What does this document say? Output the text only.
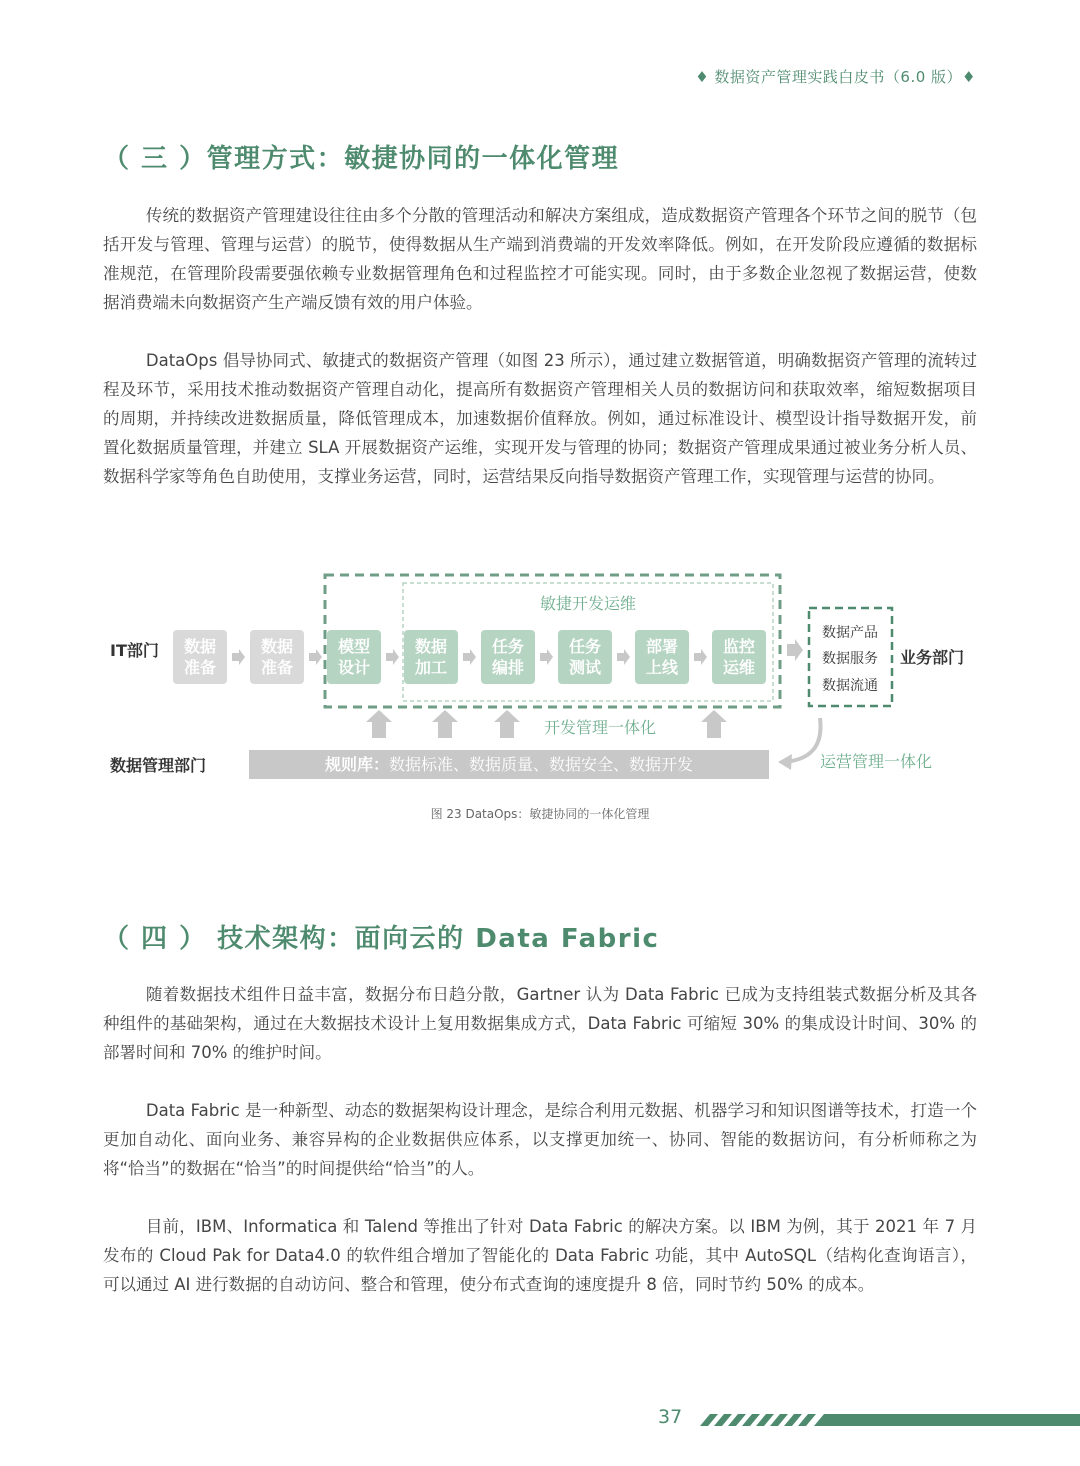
♦ 数据资产管理实践白皮书（6.0 版）♦
（ 三 ）管理方式：敏捷协同的一体化管理
传统的数据资产管理建设往往由多个分散的管理活动和解决方案组成，造成数据资产管理各个环节之间的脱节（包括开发与管理、管理与运营）的脱节，使得数据从生产端到消费端的开发效率降低。例如，在开发阶段应遵循的数据标准规范，在管理阶段需要强依赖专业数据管理角色和过程监控才可能实现。同时，由于多数企业忽视了数据运营，使数据消费端未向数据资产生产端反馈有效的用户体验。
DataOps 倡导协同式、敏捷式的数据资产管理（如图 23 所示），通过建立数据管道，明确数据资产管理的流转过程及环节，采用技术推动数据资产管理自动化，提高所有数据资产管理相关人员的数据访问和获取效率，缩短数据项目的周期，并持续改进数据质量，降低管理成本，加速数据价值释放。例如，通过标准设计、模型设计指导数据开发，前置化数据质量管理，并建立 SLA 开展数据资产运维，实现开发与管理的协同；数据资产管理成果通过被业务分析人员、数据科学家等角色自助使用，支撑业务运营，同时，运营结果反向指导数据资产管理工作，实现管理与运营的协同。
敏捷开发运维
IT部门
数据管理部门
数据
准备
数据
准备
模型
设计
数据
加工
任务
编排
任务
测试
部署
上线
监控
运维
数据产品
数据服务
数据流通
业务部门
开发管理一体化
规则库：数据标准、数据质量、数据安全、数据开发	运营管理一体化
图 23 DataOps：敏捷协同的一体化管理
（ 四 ） 技术架构：面向云的 Data Fabric
随着数据技术组件日益丰富，数据分布日趋分散，Gartner 认为 Data Fabric 已成为支持组装式数据分析及其各种组件的基础架构，通过在大数据技术设计上复用数据集成方式，Data Fabric 可缩短 30% 的集成设计时间、30% 的部署时间和 70% 的维护时间。
Data Fabric 是一种新型、动态的数据架构设计理念，是综合利用元数据、机器学习和知识图谱等技术，打造一个更加自动化、面向业务、兼容异构的企业数据供应体系，以支撑更加统一、协同、智能的数据访问，有分析师称之为将“恰当”的数据在“恰当”的时间提供给“恰当”的人。
目前，IBM、Informatica 和 Talend 等推出了针对 Data Fabric 的解决方案。以 IBM 为例，其于 2021 年 7 月发布的 Cloud Pak for Data4.0 的软件组合增加了智能化的 Data Fabric 功能，其中 AutoSQL（结构化查询语言），可以通过 AI 进行数据的自动访问、整合和管理，使分布式查询的速度提升 8 倍，同时节约 50% 的成本。
37
